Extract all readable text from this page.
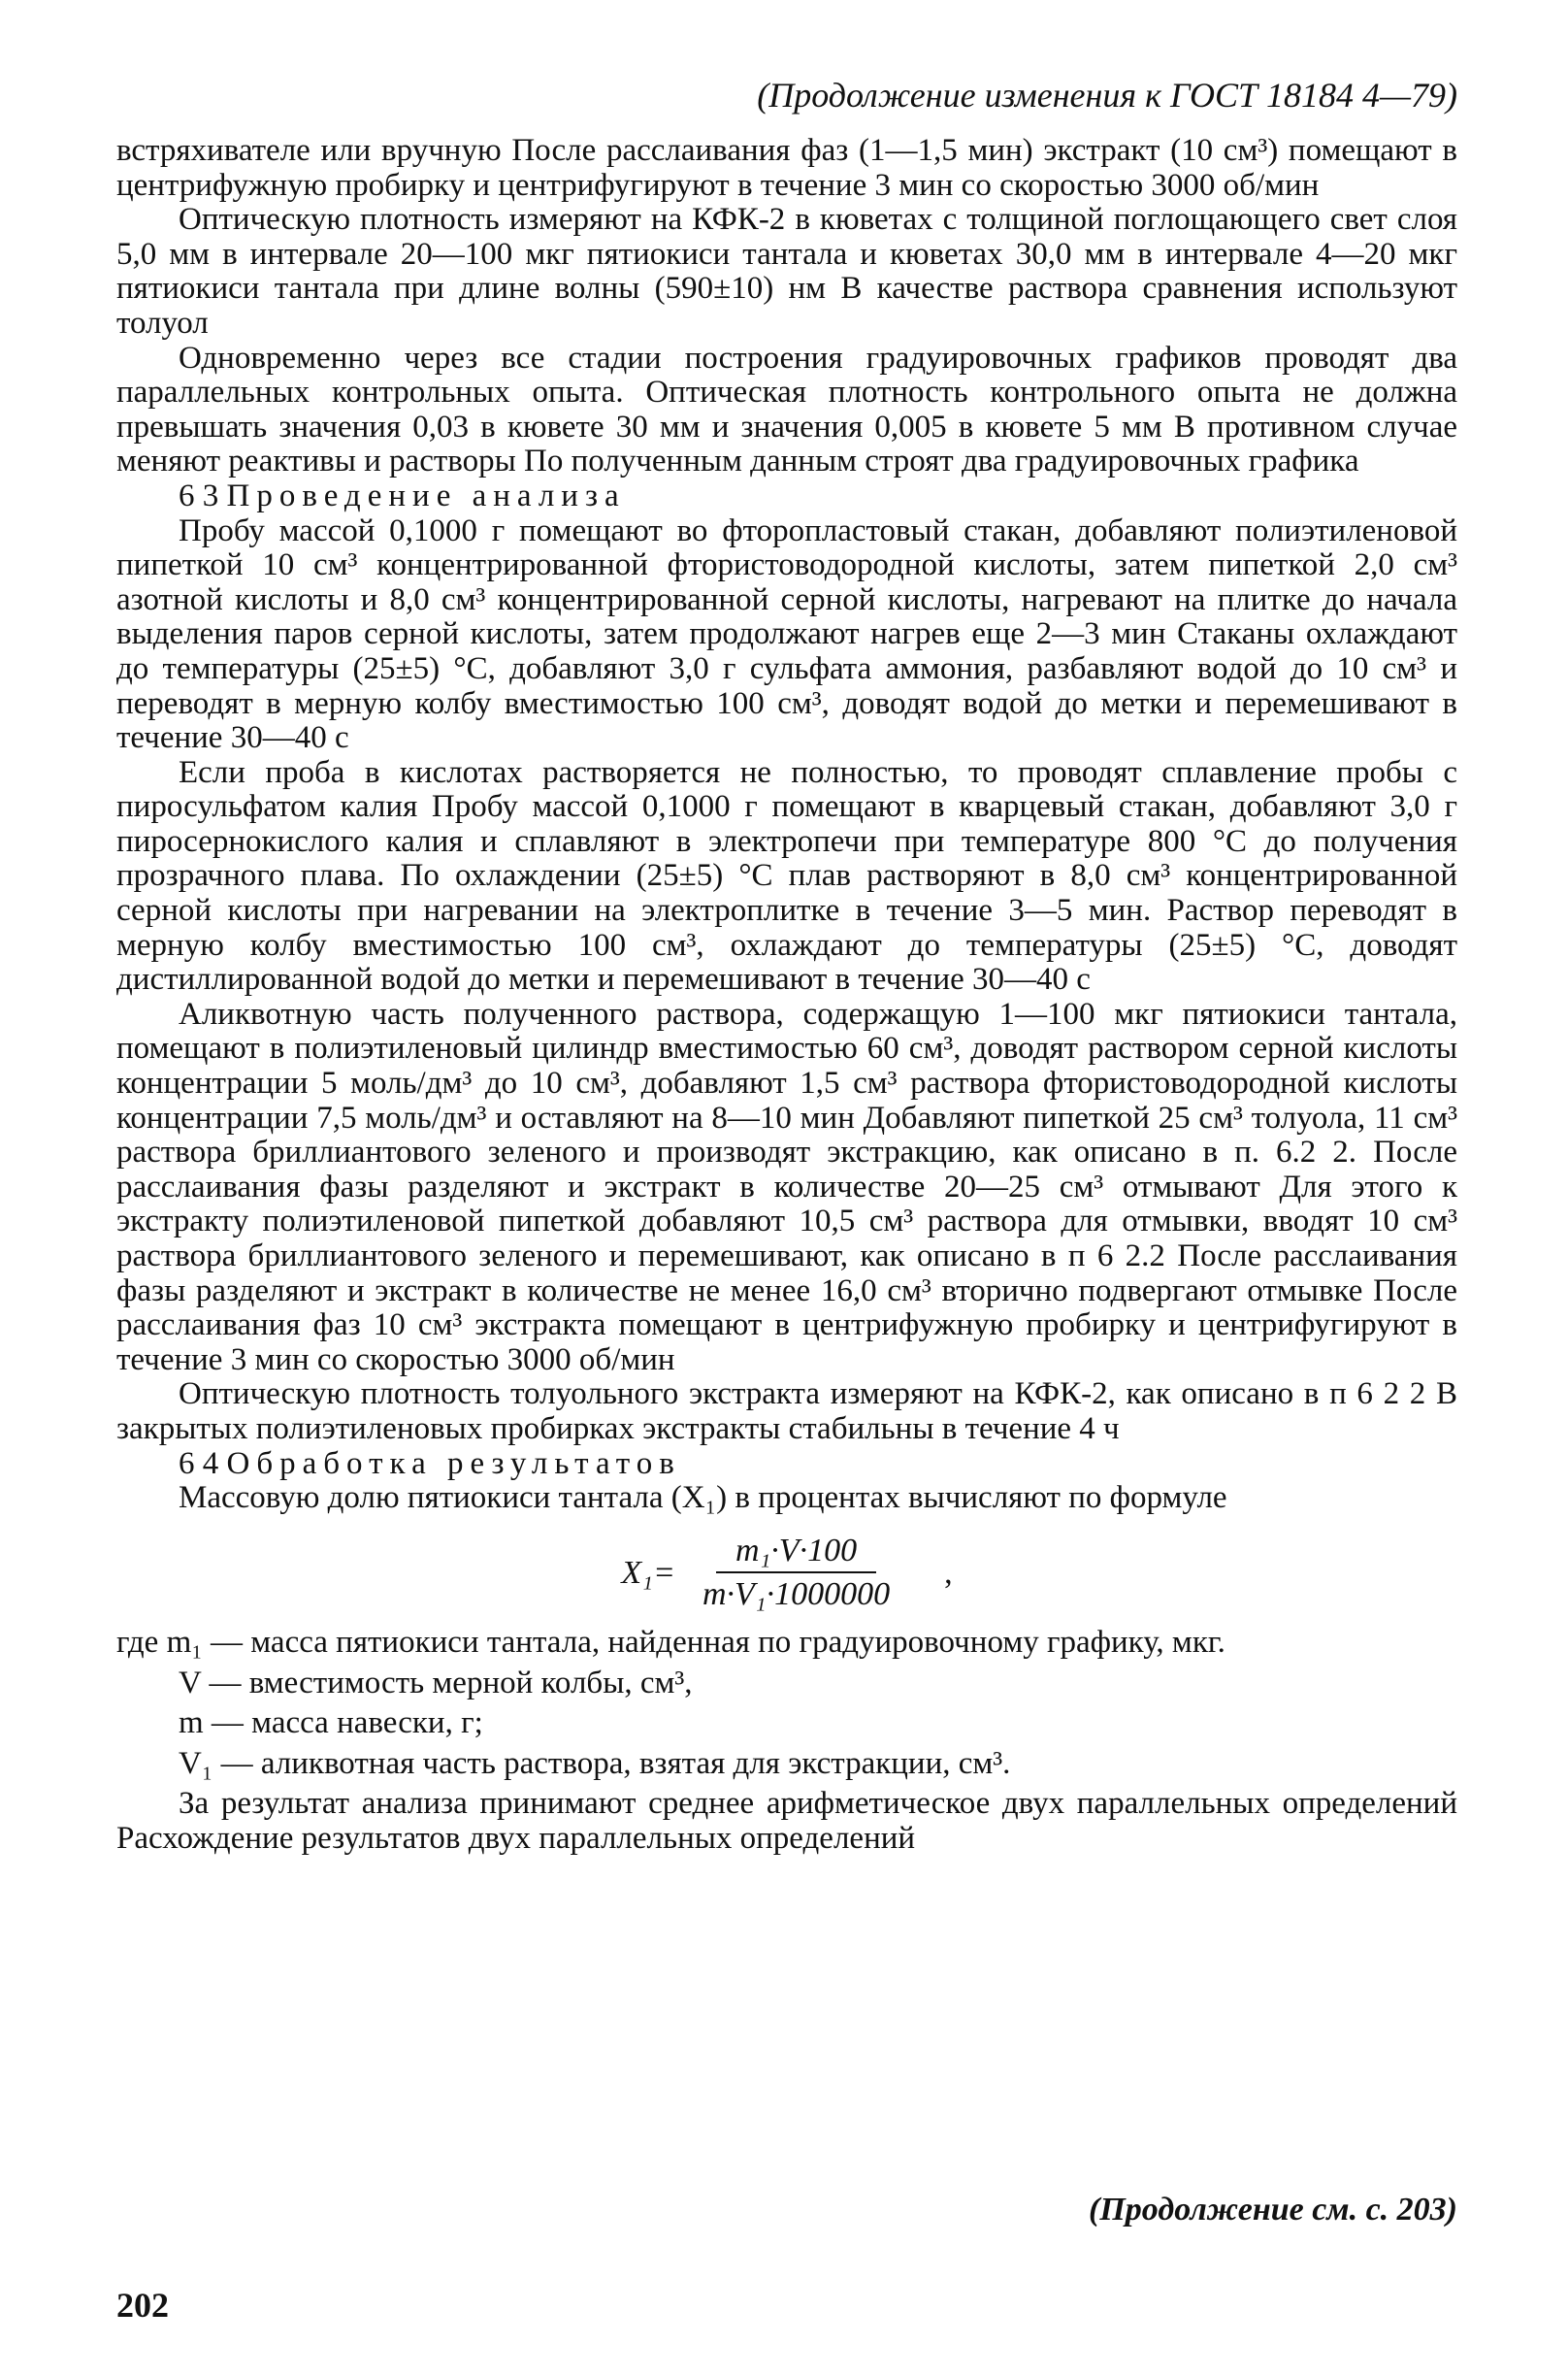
(Продолжение изменения к ГОСТ 18184 4—79)

встряхивателе или вручную После расслаивания фаз (1—1,5 мин) экстракт (10 см³) помещают в центрифужную пробирку и центрифугируют в течение 3 мин со скоростью 3000 об/мин

Оптическую плотность измеряют на КФК-2 в кюветах с толщиной поглощающего свет слоя 5,0 мм в интервале 20—100 мкг пятиокиси тантала и кюветах 30,0 мм в интервале 4—20 мкг пятиокиси тантала при длине волны (590±10) нм В качестве раствора сравнения используют толуол

Одновременно через все стадии построения градуировочных графиков проводят два параллельных контрольных опыта. Оптическая плотность контрольного опыта не должна превышать значения 0,03 в кювете 30 мм и значения 0,005 в кювете 5 мм В противном случае меняют реактивы и растворы По полученным данным строят два градуировочных графика

6 3 Проведение анализа

Пробу массой 0,1000 г помещают во фторопластовый стакан, добавляют полиэтиленовой пипеткой 10 см³ концентрированной фтористоводородной кислоты, затем пипеткой 2,0 см³ азотной кислоты и 8,0 см³ концентрированной серной кислоты, нагревают на плитке до начала выделения паров серной кислоты, затем продолжают нагрев еще 2—3 мин Стаканы охлаждают до температуры (25±5) °С, добавляют 3,0 г сульфата аммония, разбавляют водой до 10 см³ и переводят в мерную колбу вместимостью 100 см³, доводят водой до метки и перемешивают в течение 30—40 с

Если проба в кислотах растворяется не полностью, то проводят сплавление пробы с пиросульфатом калия Пробу массой 0,1000 г помещают в кварцевый стакан, добавляют 3,0 г пиросернокислого калия и сплавляют в электропечи при температуре 800 °С до получения прозрачного плава. По охлаждении (25±5) °С плав растворяют в 8,0 см³ концентрированной серной кислоты при нагревании на электроплитке в течение 3—5 мин. Раствор переводят в мерную колбу вместимостью 100 см³, охлаждают до температуры (25±5) °С, доводят дистиллированной водой до метки и перемешивают в течение 30—40 с

Аликвотную часть полученного раствора, содержащую 1—100 мкг пятиокиси тантала, помещают в полиэтиленовый цилиндр вместимостью 60 см³, доводят раствором серной кислоты концентрации 5 моль/дм³ до 10 см³, добавляют 1,5 см³ раствора фтористоводородной кислоты концентрации 7,5 моль/дм³ и оставляют на 8—10 мин Добавляют пипеткой 25 см³ толуола, 11 см³ раствора бриллиантового зеленого и производят экстракцию, как описано в п. 6.2 2. После расслаивания фазы разделяют и экстракт в количестве 20—25 см³ отмывают Для этого к экстракту полиэтиленовой пипеткой добавляют 10,5 см³ раствора для отмывки, вводят 10 см³ раствора бриллиантового зеленого и перемешивают, как описано в п 6 2.2 После расслаивания фазы разделяют и экстракт в количестве не менее 16,0 см³ вторично подвергают отмывке После расслаивания фаз 10 см³ экстракта помещают в центрифужную пробирку и центрифугируют в течение 3 мин со скоростью 3000 об/мин

Оптическую плотность толуольного экстракта измеряют на КФК-2, как описано в п 6 2 2 В закрытых полиэтиленовых пробирках экстракты стабильны в течение 4 ч

6 4 Обработка результатов

Массовую долю пятиокиси тантала (X₁) в процентах вычисляют по формуле

$X_1= \frac{\text{m₁·V·100}}{\text{m·V₁·1000000}}$ ,

где m₁ — масса пятиокиси тантала, найденная по градуировочному графику, мкг.

V — вместимость мерной колбы, см³,

m — масса навески, г;

V₁ — аликвотная часть раствора, взятая для экстракции, см³.

За результат анализа принимают среднее арифметическое двух параллельных определений Расхождение результатов двух параллельных определений

(Продолжение см. с. 203)
202
